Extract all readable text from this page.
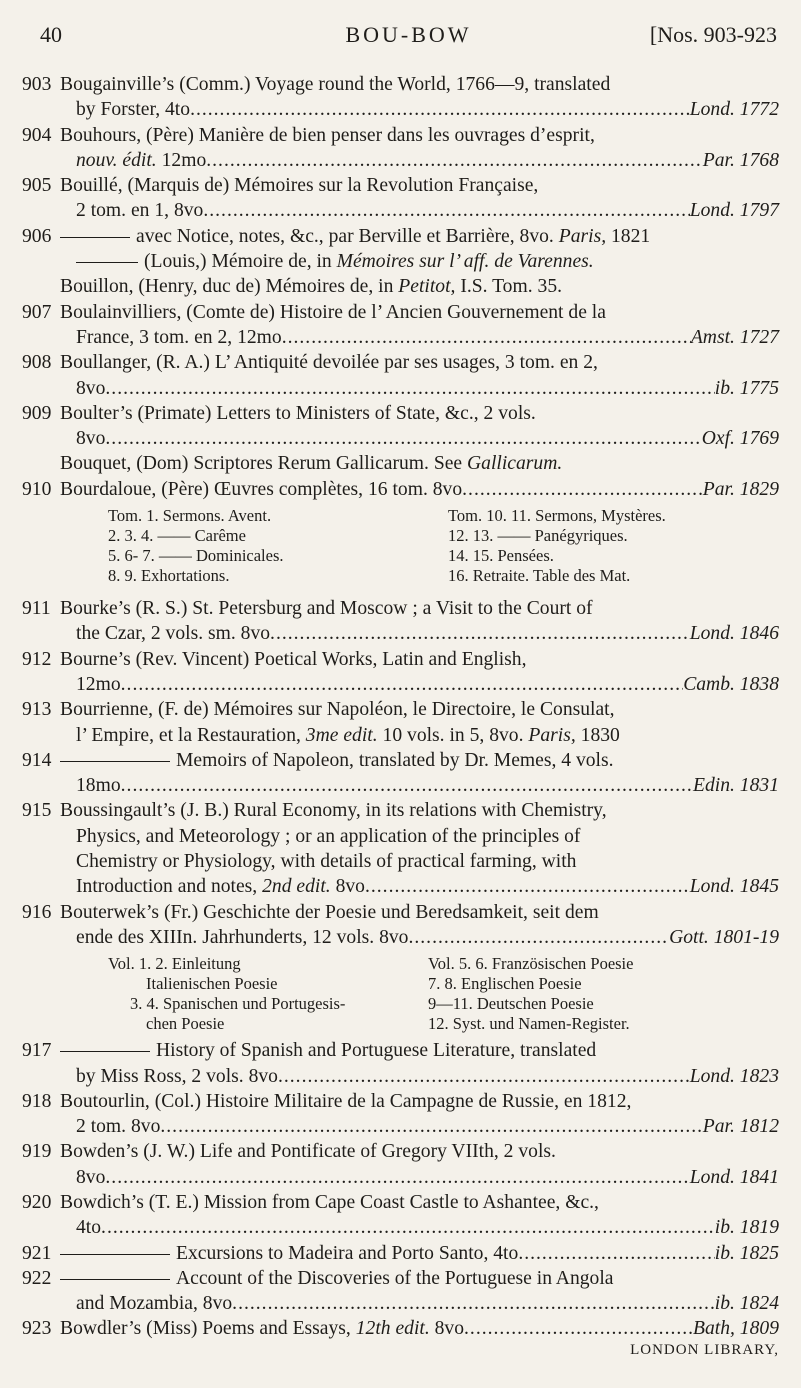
40	BOU-BOW	[Nos. 903-923
903 Bougainville’s (Comm.) Voyage round the World, 1766—9, translated
by Forster, 4to .....	Lond. 1772
904 Bouhours, (Père) Manière de bien penser dans les ouvrages d’esprit,
nouv. édit. 12mo .....	Par. 1768
905 Bouillé, (Marquis de) Mémoires sur la Revolution Française,
2 tom. en 1, 8vo .....	Lond. 1797
906	avec Notice, notes, &c., par Berville et Barrière, 8vo. Paris, 1821
(Louis,) Mémoire de, in Mémoires sur l’ aff. de Varennes.
Bouillon, (Henry, duc de) Mémoires de, in Petitot, I.S. Tom. 35.
907 Boulainvilliers, (Comte de) Histoire de l’ Ancien Gouvernement de la
France, 3 tom. en 2, 12mo .....	Amst. 1727
908 Boullanger, (R. A.) L’ Antiquité devoilée par ses usages, 3 tom. en 2,
8vo .....	ib. 1775
909 Boulter’s (Primate) Letters to Ministers of State, &c., 2 vols.
8vo .....	Oxf. 1769
Bouquet, (Dom) Scriptores Rerum Gallicarum. See Gallicarum.
910 Bourdaloue, (Père) Œuvres complètes, 16 tom. 8vo .....	Par. 1829
Tom. 1. Sermons. Avent.	Tom. 10. 11. Sermons, Mystères.
2. 3. 4. —— Carême	12. 13. —— Panégyriques.
5. 6- 7. —— Dominicales.	14. 15. Pensées.
8. 9. Exhortations.	16. Retraite. Table des Mat.
911 Bourke’s (R. S.) St. Petersburg and Moscow ; a Visit to the Court of
the Czar, 2 vols. sm. 8vo .....	Lond. 1846
912 Bourne’s (Rev. Vincent) Poetical Works, Latin and English,
12mo .....	Camb. 1838
913 Bourrienne, (F. de) Mémoires sur Napoléon, le Directoire, le Consulat,
l’ Empire, et la Restauration, 3me edit. 10 vols. in 5, 8vo. Paris, 1830
914	Memoirs of Napoleon, translated by Dr. Memes, 4 vols.
18mo .....	Edin. 1831
915 Boussingault’s (J. B.) Rural Economy, in its relations with Chemistry,
Physics, and Meteorology ; or an application of the principles of
Chemistry or Physiology, with details of practical farming, with
Introduction and notes, 2nd edit. 8vo .....	Lond. 1845
916 Bouterwek’s (Fr.) Geschichte der Poesie und Beredsamkeit, seit dem
ende des XIIIn. Jahrhunderts, 12 vols. 8vo .....	Gott. 1801-19
Vol. 1. 2. Einleitung	Vol. 5. 6. Französischen Poesie
Italienischen Poesie	7. 8. Englischen Poesie
3. 4. Spanischen und Portugesis-	9—11. Deutschen Poesie
chen Poesie	12. Syst. und Namen-Register.
917	History of Spanish and Portuguese Literature, translated
by Miss Ross, 2 vols. 8vo .....	Lond. 1823
918 Boutourlin, (Col.) Histoire Militaire de la Campagne de Russie, en 1812,
2 tom. 8vo .....	Par. 1812
919 Bowden’s (J. W.) Life and Pontificate of Gregory VIIth, 2 vols.
8vo .....	Lond. 1841
920 Bowdich’s (T. E.) Mission from Cape Coast Castle to Ashantee, &c.,
4to .....	ib. 1819
921	Excursions to Madeira and Porto Santo, 4to .....	ib. 1825
922	Account of the Discoveries of the Portuguese in Angola
and Mozambia, 8vo .....	ib. 1824
923 Bowdler’s (Miss) Poems and Essays, 12th edit. 8vo .....	Bath, 1809
LONDON LIBRARY,
